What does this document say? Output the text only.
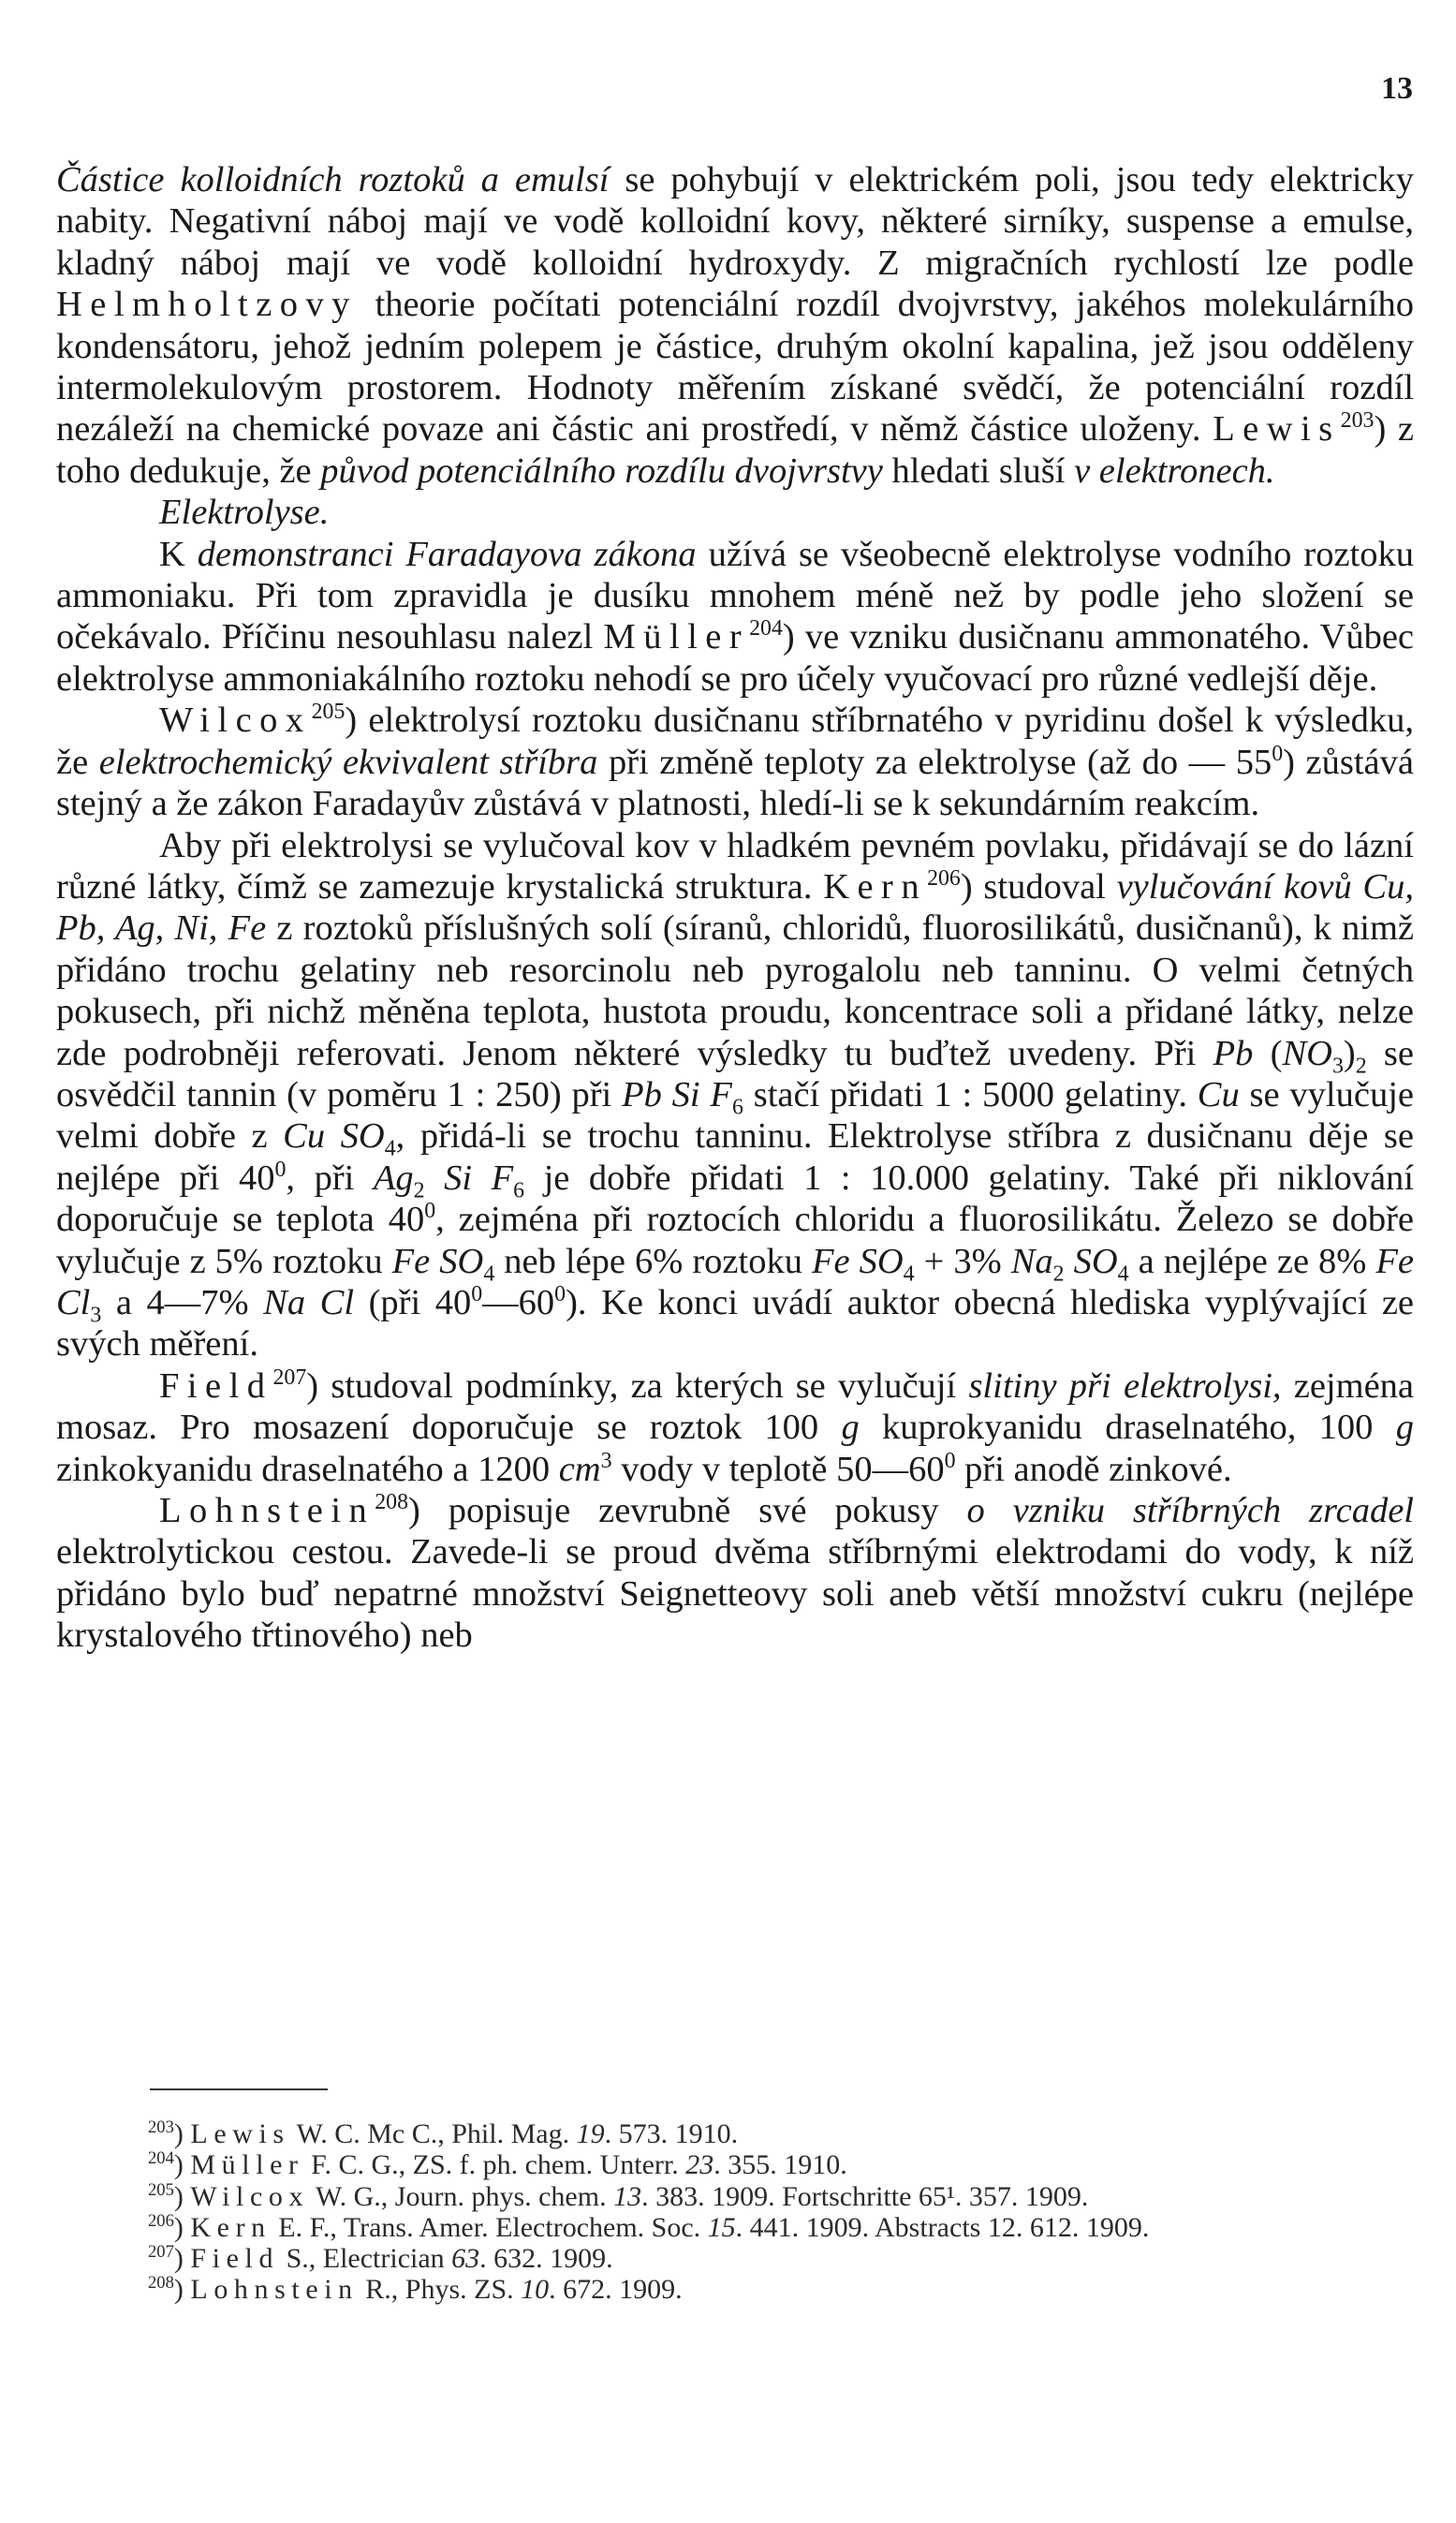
13

Částice kolloidních roztoků a emulsí se pohybují v elektrickém poli, jsou tedy elektricky nabity. Negativní náboj mají ve vodě kolloidní kovy, některé sirníky, suspense a emulse, kladný náboj mají ve vodě kolloidní hydroxydy. Z migračních rychlostí lze podle Helmholtzovy theorie počítati potenciální rozdíl dvojvrstvy, jakéhos molekulárního kondensátoru, jehož jedním polepem je částice, druhým okolní kapalina, jež jsou odděleny intermolekulovým prostorem. Hodnoty měřením získané svědčí, že potenciální rozdíl nezáleží na chemické povaze ani částic ani prostředí, v němž částice uloženy. Lewis$^{203}$) z toho dedukuje, že původ potenciálního rozdílu dvojvrstvy hledati sluší v elektronech.

Elektrolyse.

K demonstranci Faradayova zákona užívá se všeobecně elektrolyse vodního roztoku ammoniaku. Při tom zpravidla je dusíku mnohem méně než by podle jeho složení se očekávalo. Příčinu nesouhlasu nalezl Müller$^{204}$) ve vzniku dusičnanu ammonatého. Vůbec elektrolyse ammoniakálního roztoku nehodí se pro účely vyučovací pro různé vedlejší děje.

Wilcox$^{205}$) elektrolysí roztoku dusičnanu stříbrnatého v pyridinu došel k výsledku, že elektrochemický ekvivalent stříbra při změně teploty za elektrolyse (až do — $55^0$) zůstává stejný a že zákon Faradayův zůstává v platnosti, hledí-li se k sekundárním reakcím.

Aby při elektrolysi se vylučoval kov v hladkém pevném povlaku, přidávají se do lázní různé látky, čímž se zamezuje krystalická struktura. Kern$^{206}$) studoval vylučování kovů Cu, Pb, Ag, Ni, Fe z roztoků příslušných solí (síranů, chloridů, fluorosilikátů, dusičnanů), k nimž přidáno trochu gelatiny neb resorcinolu neb pyrogalolu neb tanninu. O velmi četných pokusech, při nichž měněna teplota, hustota proudu, koncentrace soli a přidané látky, nelze zde podrobněji referovati. Jenom některé výsledky tu buďtež uvedeny. Při Pb $(NO_3)_2$ se osvědčil tannin (v poměru 1 : 250) při Pb Si $F_6$ stačí přidati 1 : 5000 gelatiny. Cu se vylučuje velmi dobře z Cu $SO_4$, přidá-li se trochu tanninu. Elektrolyse stříbra z dusičnanu děje se nejlépe při $40^0$, při $Ag_2$ Si $F_6$ je dobře přidati 1 : 10.000 gelatiny. Také při niklování doporučuje se teplota $40^0$, zejména při roztocích chloridu a fluorosilikátu. Železo se dobře vylučuje z 5% roztoku Fe $SO_4$ neb lépe 6% roztoku Fe $SO_4 + 3\%$ $Na_2$ $SO_4$ a nejlépe ze 8% Fe $Cl_3$ a 4—7% Na Cl (při $40^0—60^0$). Ke konci uvádí auktor obecná hlediska vyplývající ze svých měření.

Field$^{207}$) studoval podmínky, za kterých se vylučují slitiny při elektrolysi, zejména mosaz. Pro mosazení doporučuje se roztok 100 g kuprokyanidu draselnatého, 100 g zinkokyanidu draselnatého a 1200 $cm^3$ vody v teplotě $50—60^0$ při anodě zinkové.

Lohnstein$^{208}$) popisuje zevrubně své pokusy o vzniku stříbrných zrcadel elektrolytickou cestou. Zavede-li se proud dvěma stříbrnými elektrodami do vody, k níž přidáno bylo buď nepatrné množství Seignetteovy soli aneb větší množství cukru (nejlépe krystalového třtinového) neb

$^{203}$) Lewis W. C. Mc C., Phil. Mag. 19. 573. 1910.

$^{204}$) Müller F. C. G., ZS. f. ph. chem. Unterr. 23. 355. 1910.

$^{205}$) Wilcox W. G., Journ. phys. chem. 13. 383. 1909. Fortschritte 65¹. 357. 1909.

$^{206}$) Kern E. F., Trans. Amer. Electrochem. Soc. 15. 441. 1909. Abstracts 12. 612. 1909.

$^{207}$) Field S., Electrician 63. 632. 1909.

$^{208}$) Lohnstein R., Phys. ZS. 10. 672. 1909.
